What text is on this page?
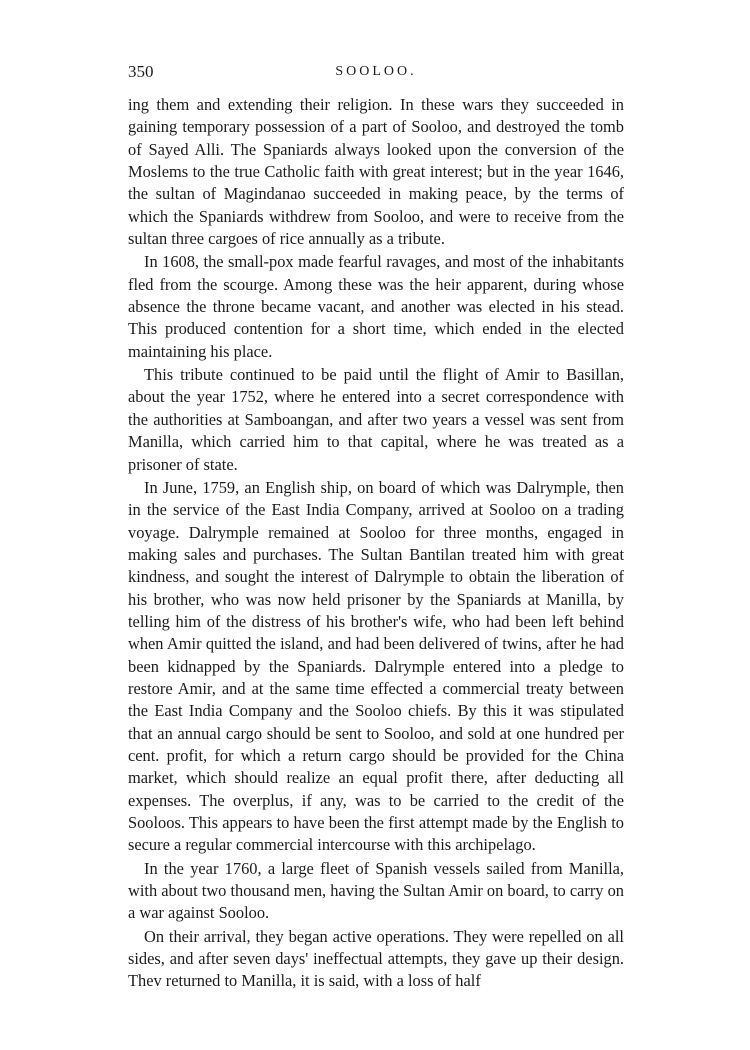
350	SOOLOO.

ing them and extending their religion. In these wars they succeeded in gaining temporary possession of a part of Sooloo, and destroyed the tomb of Sayed Alli. The Spaniards always looked upon the conversion of the Moslems to the true Catholic faith with great interest; but in the year 1646, the sultan of Magindanao succeeded in making peace, by the terms of which the Spaniards withdrew from Sooloo, and were to receive from the sultan three cargoes of rice annually as a tribute.

In 1608, the small-pox made fearful ravages, and most of the inhabitants fled from the scourge. Among these was the heir apparent, during whose absence the throne became vacant, and another was elected in his stead. This produced contention for a short time, which ended in the elected maintaining his place.

This tribute continued to be paid until the flight of Amir to Basillan, about the year 1752, where he entered into a secret correspondence with the authorities at Samboangan, and after two years a vessel was sent from Manilla, which carried him to that capital, where he was treated as a prisoner of state.

In June, 1759, an English ship, on board of which was Dalrymple, then in the service of the East India Company, arrived at Sooloo on a trading voyage. Dalrymple remained at Sooloo for three months, engaged in making sales and purchases. The Sultan Bantilan treated him with great kindness, and sought the interest of Dalrymple to obtain the liberation of his brother, who was now held prisoner by the Spaniards at Manilla, by telling him of the distress of his brother's wife, who had been left behind when Amir quitted the island, and had been delivered of twins, after he had been kidnapped by the Spaniards. Dalrymple entered into a pledge to restore Amir, and at the same time effected a commercial treaty between the East India Company and the Sooloo chiefs. By this it was stipulated that an annual cargo should be sent to Sooloo, and sold at one hundred per cent. profit, for which a return cargo should be provided for the China market, which should realize an equal profit there, after deducting all expenses. The overplus, if any, was to be carried to the credit of the Sooloos. This appears to have been the first attempt made by the English to secure a regular commercial intercourse with this archipelago.

In the year 1760, a large fleet of Spanish vessels sailed from Manilla, with about two thousand men, having the Sultan Amir on board, to carry on a war against Sooloo.

On their arrival, they began active operations. They were repelled on all sides, and after seven days' ineffectual attempts, they gave up their design. Thev returned to Manilla, it is said, with a loss of half
